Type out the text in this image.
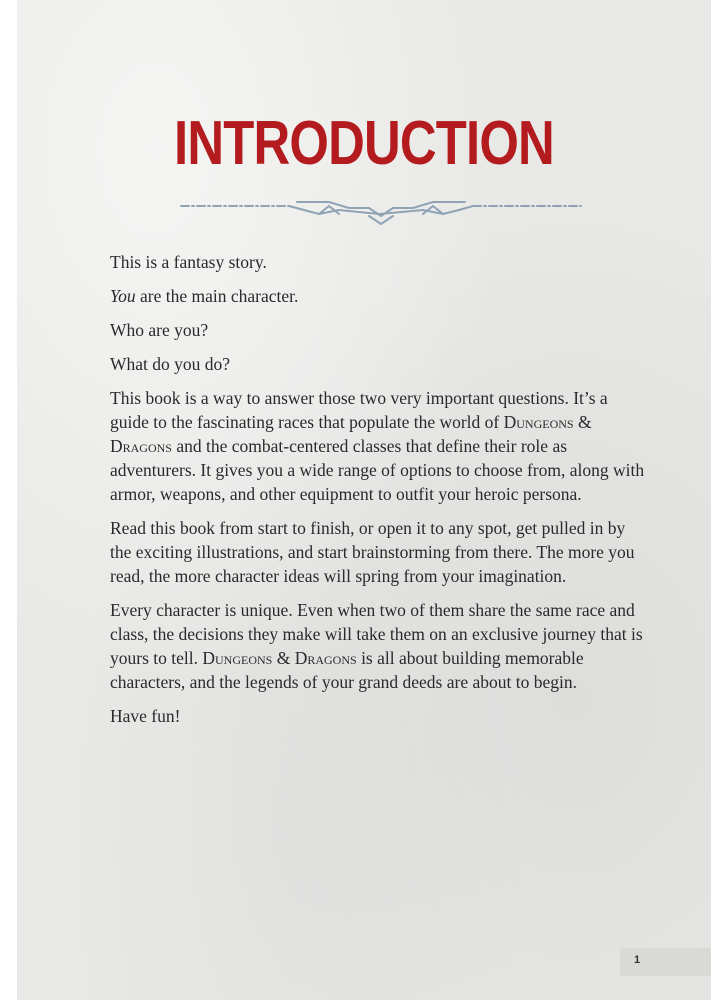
INTRODUCTION

This is a fantasy story.

You are the main character.

Who are you?

What do you do?

This book is a way to answer those two very important questions. It’s a guide to the fascinating races that populate the world of Dungeons & Dragons and the combat-centered classes that define their role as adventurers. It gives you a wide range of options to choose from, along with armor, weapons, and other equipment to outfit your heroic persona.

Read this book from start to finish, or open it to any spot, get pulled in by the exciting illustrations, and start brainstorming from there. The more you read, the more character ideas will spring from your imagination.

Every character is unique. Even when two of them share the same race and class, the decisions they make will take them on an exclusive journey that is yours to tell. Dungeons & Dragons is all about building memorable characters, and the legends of your grand deeds are about to begin.

Have fun!

1
